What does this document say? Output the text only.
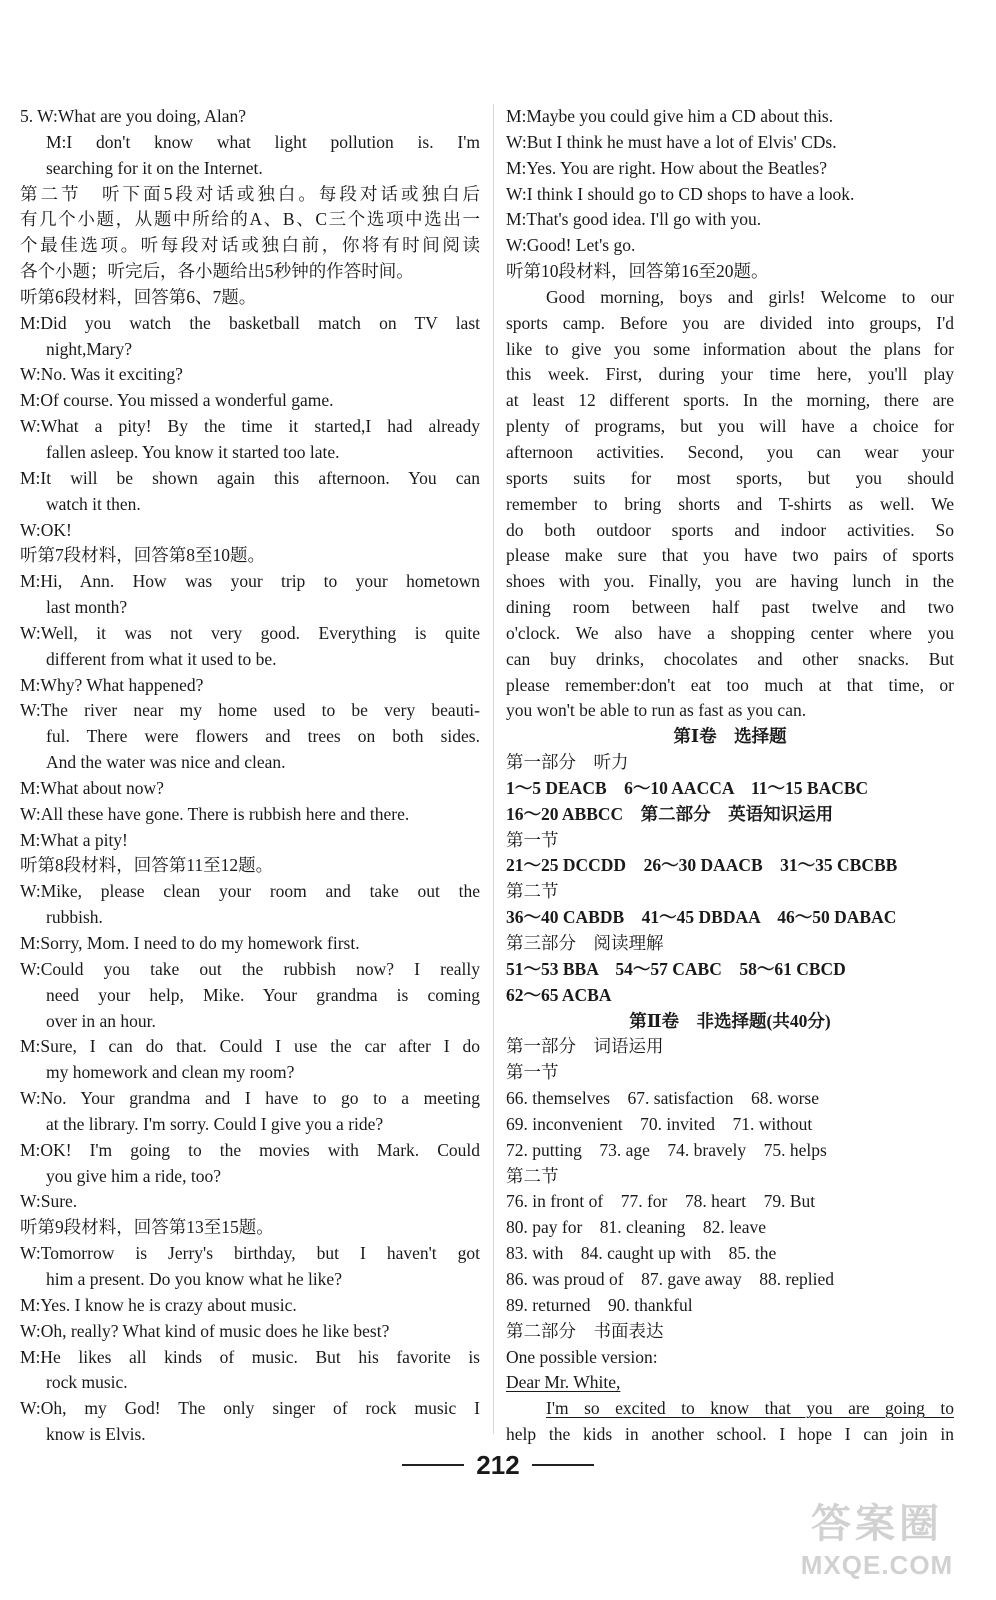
5. W:What are you doing, Alan?
M:I don't know what light pollution is. I'm
searching for it on the Internet.
第二节　听下面5段对话或独白。每段对话或独白后
有几个小题，从题中所给的A、B、C三个选项中选出一
个最佳选项。听每段对话或独白前，你将有时间阅读
各个小题；听完后，各小题给出5秒钟的作答时间。
听第6段材料，回答第6、7题。
M:Did you watch the basketball match on TV last
night,Mary?
W:No. Was it exciting?
M:Of course. You missed a wonderful game.
W:What a pity! By the time it started,I had already
fallen asleep. You know it started too late.
M:It will be shown again this afternoon. You can
watch it then.
W:OK!
听第7段材料，回答第8至10题。
M:Hi, Ann. How was your trip to your hometown
last month?
W:Well, it was not very good. Everything is quite
different from what it used to be.
M:Why? What happened?
W:The river near my home used to be very beauti-
ful. There were flowers and trees on both sides.
And the water was nice and clean.
M:What about now?
W:All these have gone. There is rubbish here and there.
M:What a pity!
听第8段材料，回答第11至12题。
W:Mike, please clean your room and take out the
rubbish.
M:Sorry, Mom. I need to do my homework first.
W:Could you take out the rubbish now? I really
need your help, Mike. Your grandma is coming
over in an hour.
M:Sure, I can do that. Could I use the car after I do
my homework and clean my room?
W:No. Your grandma and I have to go to a meeting
at the library. I'm sorry. Could I give you a ride?
M:OK! I'm going to the movies with Mark. Could
you give him a ride, too?
W:Sure.
听第9段材料，回答第13至15题。
W:Tomorrow is Jerry's birthday, but I haven't got
him a present. Do you know what he like?
M:Yes. I know he is crazy about music.
W:Oh, really? What kind of music does he like best?
M:He likes all kinds of music. But his favorite is
rock music.
W:Oh, my God! The only singer of rock music I
know is Elvis.
M:Maybe you could give him a CD about this.
W:But I think he must have a lot of Elvis' CDs.
M:Yes. You are right. How about the Beatles?
W:I think I should go to CD shops to have a look.
M:That's good idea. I'll go with you.
W:Good! Let's go.
听第10段材料，回答第16至20题。
Good morning, boys and girls! Welcome to our
sports camp. Before you are divided into groups, I'd
like to give you some information about the plans for
this week. First, during your time here, you'll play
at least 12 different sports. In the morning, there are
plenty of programs, but you will have a choice for
afternoon activities. Second, you can wear your
sports suits for most sports, but you should
remember to bring shorts and T-shirts as well. We
do both outdoor sports and indoor activities. So
please make sure that you have two pairs of sports
shoes with you. Finally, you are having lunch in the
dining room between half past twelve and two
o'clock. We also have a shopping center where you
can buy drinks, chocolates and other snacks. But
please remember:don't eat too much at that time, or
you won't be able to run as fast as you can.
第Ⅰ卷　选择题
第一部分　听力
1～5 DEACB　6～10 AACCA　11～15 BACBC
16～20 ABBCC　第二部分　英语知识运用
第一节
21～25 DCCDD　26～30 DAACB　31～35 CBCBB
第二节
36～40 CABDB　41～45 DBDAA　46～50 DABAC
第三部分　阅读理解
51～53 BBA　54～57 CABC　58～61 CBCD
62～65 ACBA
第Ⅱ卷　非选择题(共40分)
第一部分　词语运用
第一节
66. themselves　67. satisfaction　68. worse
69. inconvenient　70. invited　71. without
72. putting　73. age　74. bravely　75. helps
第二节
76. in front of　77. for　78. heart　79. But
80. pay for　81. cleaning　82. leave
83. with　84. caught up with　85. the
86. was proud of　87. gave away　88. replied
89. returned　90. thankful
第二部分　书面表达
One possible version:
Dear Mr. White,
I'm so excited to know that you are going to
help the kids in another school. I hope I can join in
212
答案圈
MXQE.COM
